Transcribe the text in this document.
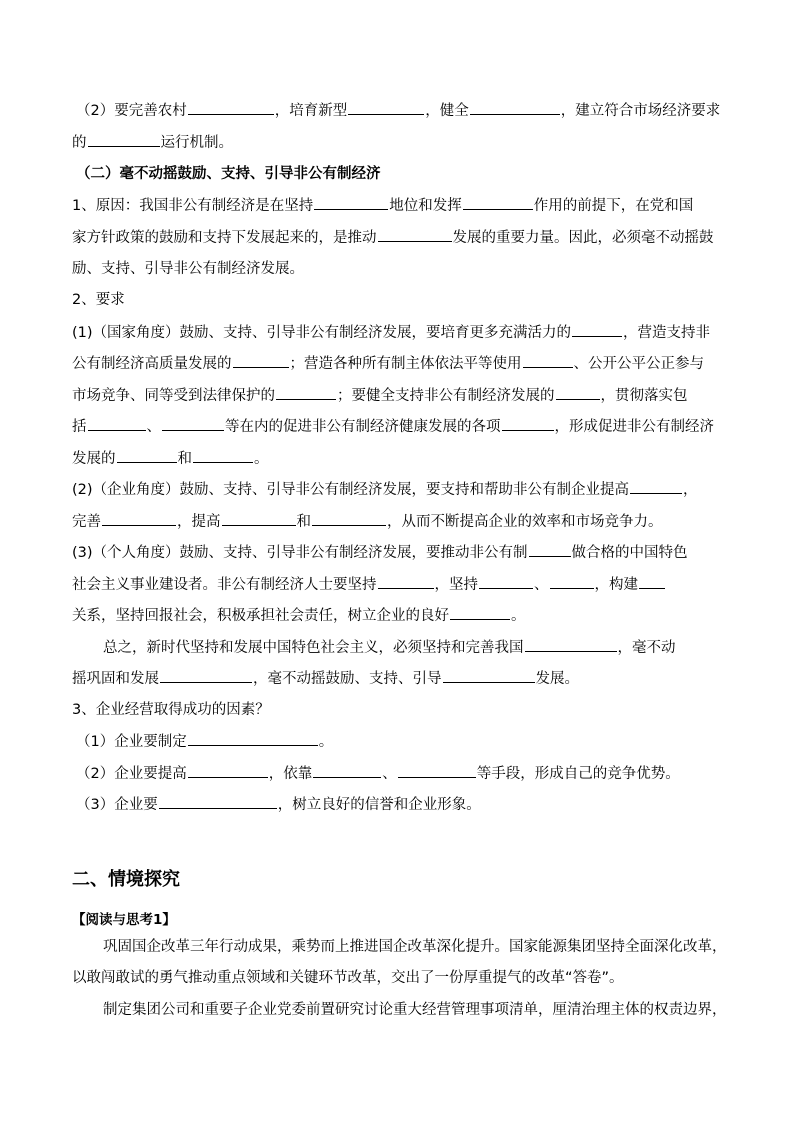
（2）要完善农村	，培育新型	，健全	，建立符合市场经济要求
的	运行机制。
（二）毫不动摇鼓励、支持、引导非公有制经济
1、原因：我国非公有制经济是在坚持	地位和发挥	作用的前提下，在党和国
家方针政策的鼓励和支持下发展起来的，是推动	发展的重要力量。因此，必须毫不动摇鼓
励、支持、引导非公有制经济发展。
2、要求
(1)（国家角度）鼓励、支持、引导非公有制经济发展，要培育更多充满活力的	，营造支持非
公有制经济高质量发展的	；营造各种所有制主体依法平等使用	、公开公平公正参与
市场竞争、同等受到法律保护的	；要健全支持非公有制经济发展的	，贯彻落实包
括	、	等在内的促进非公有制经济健康发展的各项	，形成促进非公有制经济
发展的	和	。
(2)（企业角度）鼓励、支持、引导非公有制经济发展，要支持和帮助非公有制企业提高	，
完善	，提高	和	，从而不断提高企业的效率和市场竞争力。
(3)（个人角度）鼓励、支持、引导非公有制经济发展，要推动非公有制	做合格的中国特色
社会主义事业建设者。非公有制经济人士要坚持	，坚持	、	，构建
关系，坚持回报社会，积极承担社会责任，树立企业的良好	。
总之，新时代坚持和发展中国特色社会主义，必须坚持和完善我国	，毫不动
摇巩固和发展	，毫不动摇鼓励、支持、引导	发展。
3、企业经营取得成功的因素？
（1）企业要制定	。
（2）企业要提高	，依靠	、	等手段，形成自己的竞争优势。
（3）企业要	，树立良好的信誉和企业形象。
二、情境探究
【阅读与思考1】
巩固国企改革三年行动成果，乘势而上推进国企改革深化提升。国家能源集团坚持全面深化改革，
以敢闯敢试的勇气推动重点领域和关键环节改革，交出了一份厚重提气的改革“答卷”。
制定集团公司和重要子企业党委前置研究讨论重大经营管理事项清单，厘清治理主体的权责边界，
